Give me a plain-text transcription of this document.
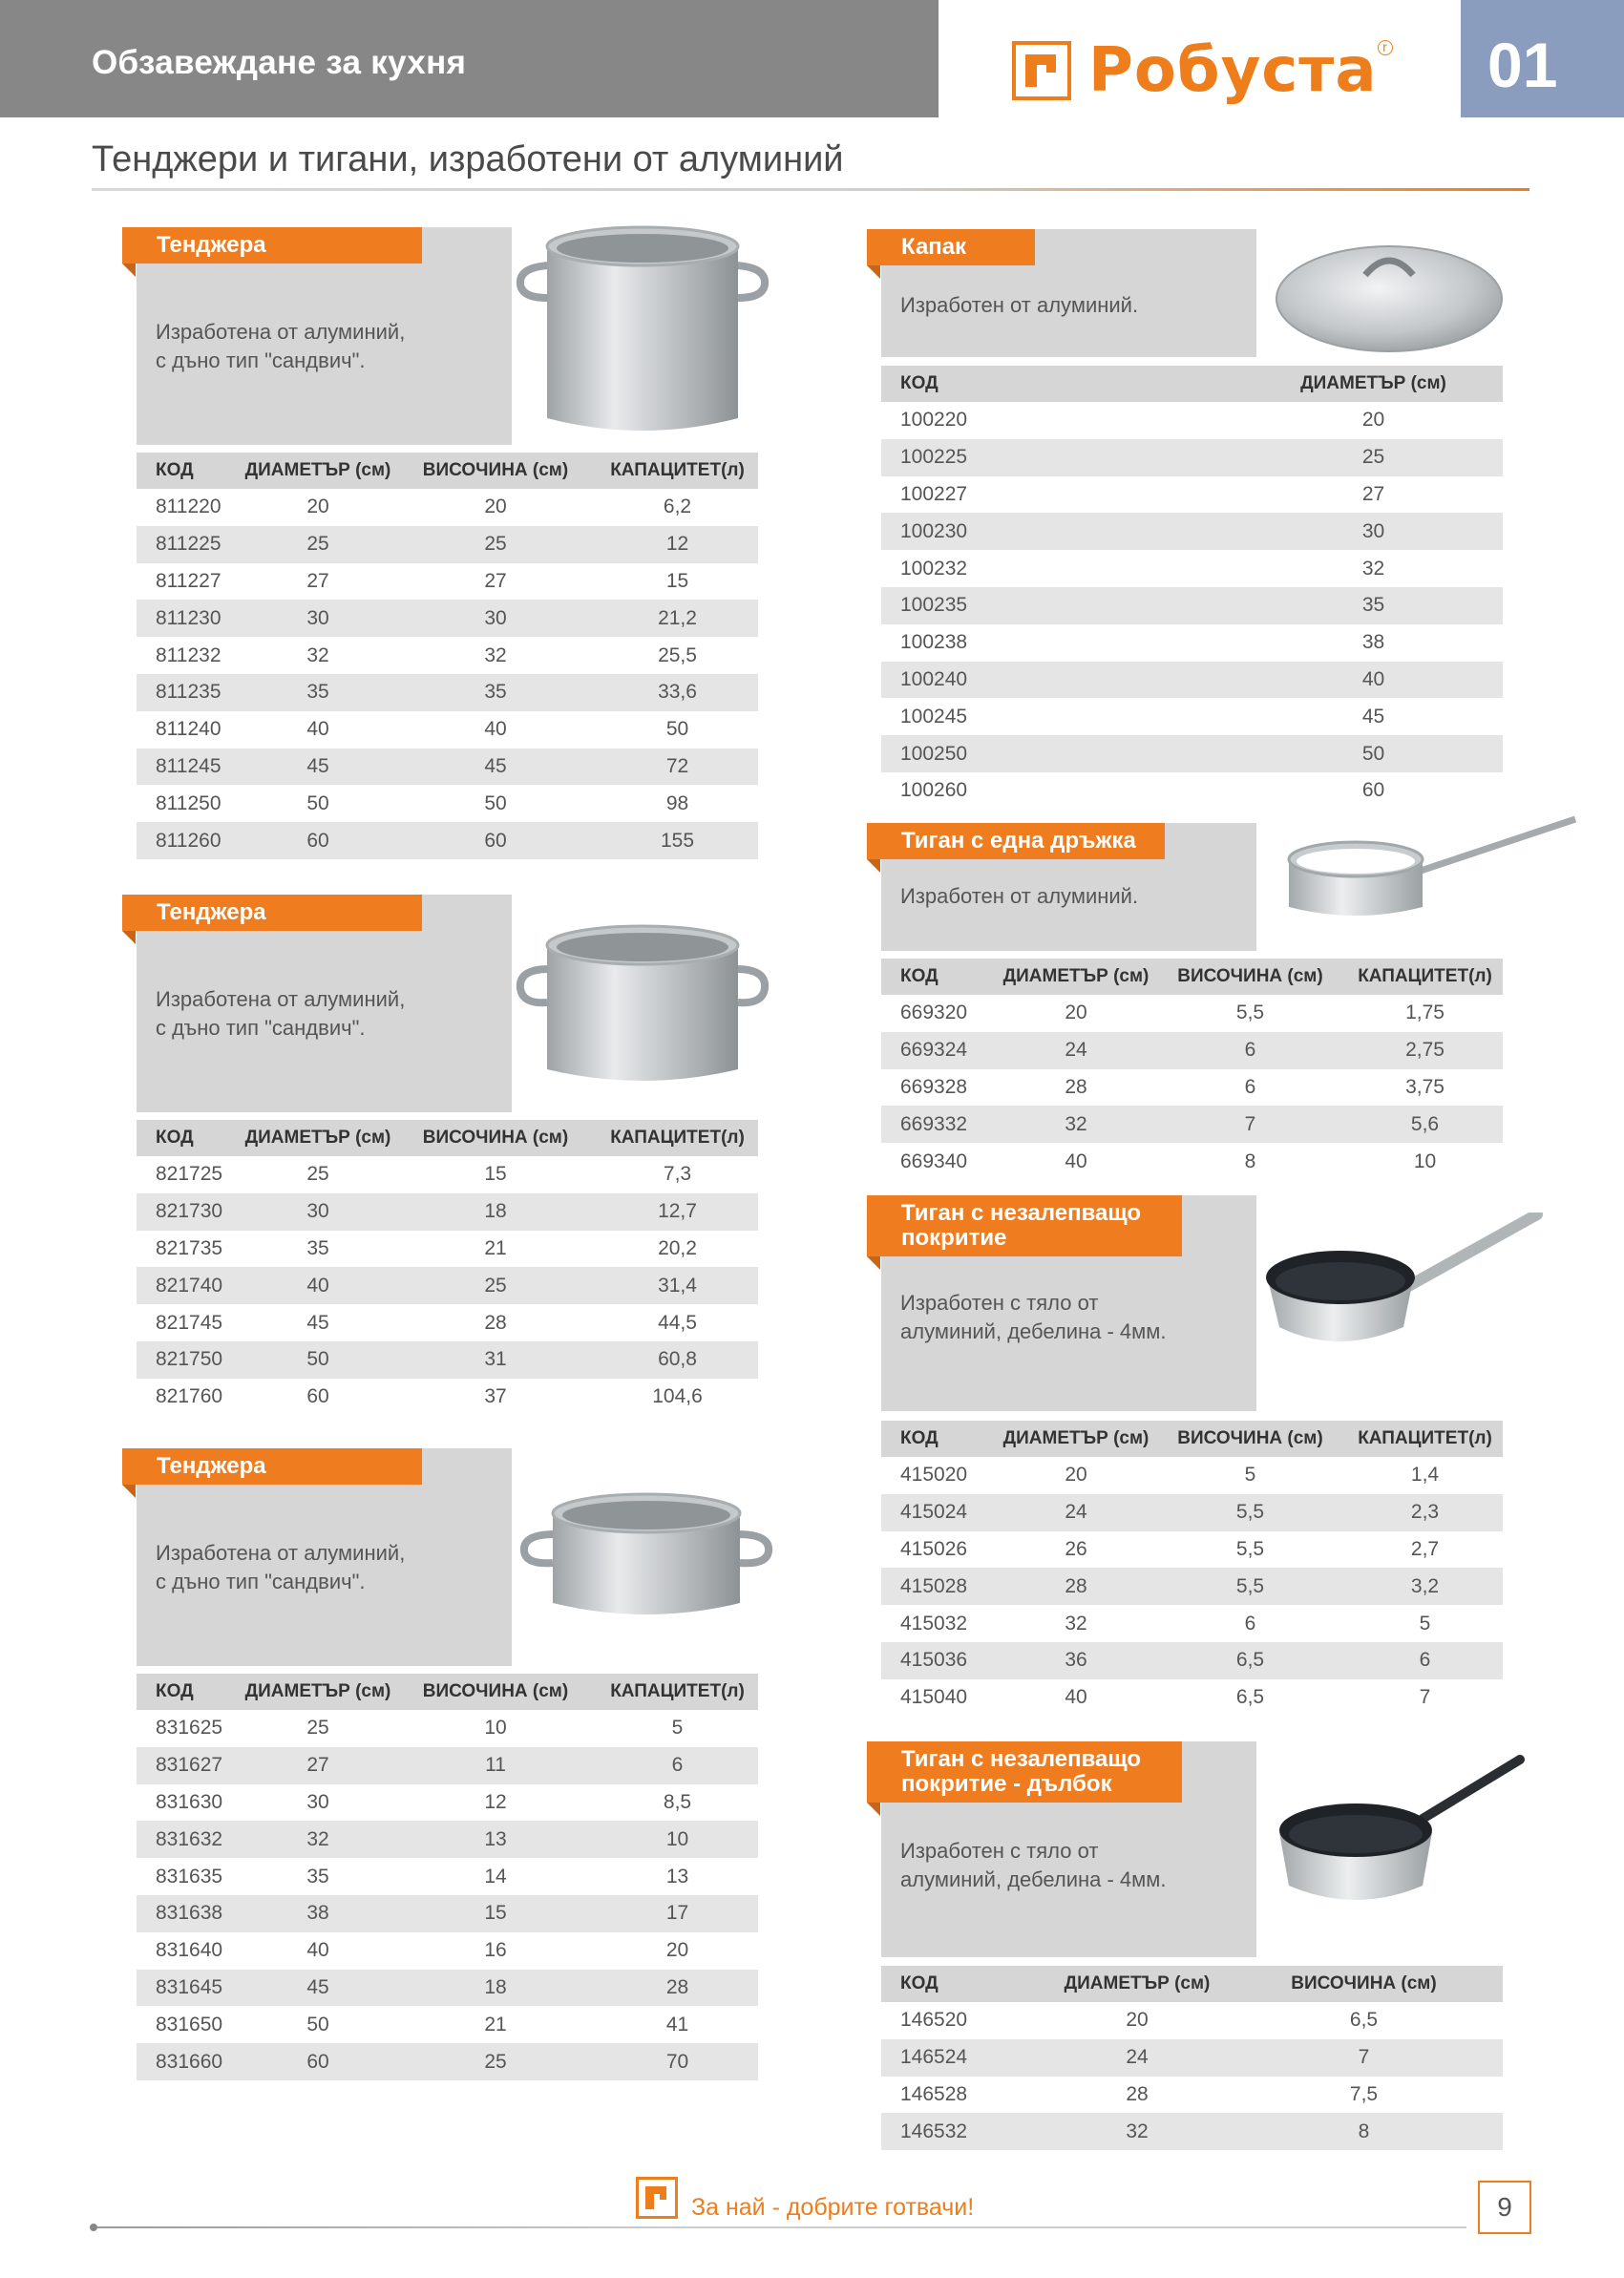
Обзавеждане за кухня	Робуста r 01
Тенджери и тигани, изработени от алуминий
Тенджера
Изработена от алуминий,
с дъно тип "сандвич".
КОД	ДИАМЕТЪР (см)	ВИСОЧИНА (см)	КАПАЦИТЕТ(л)
811220	20	20	6,2
811225	25	25	12
811227	27	27	15
811230	30	30	21,2
811232	32	32	25,5
811235	35	35	33,6
811240	40	40	50
811245	45	45	72
811250	50	50	98
811260	60	60	155
Тенджера
Изработена от алуминий,
с дъно тип "сандвич".
КОД	ДИАМЕТЪР (см)	ВИСОЧИНА (см)	КАПАЦИТЕТ(л)
821725	25	15	7,3
821730	30	18	12,7
821735	35	21	20,2
821740	40	25	31,4
821745	45	28	44,5
821750	50	31	60,8
821760	60	37	104,6
Тенджера
Изработена от алуминий,
с дъно тип "сандвич".
КОД	ДИАМЕТЪР (см)	ВИСОЧИНА (см)	КАПАЦИТЕТ(л)
831625	25	10	5
831627	27	11	6
831630	30	12	8,5
831632	32	13	10
831635	35	14	13
831638	38	15	17
831640	40	16	20
831645	45	18	28
831650	50	21	41
831660	60	25	70
Капак
Изработен от алуминий.
КОД	ДИАМЕТЪР (см)
100220	20
100225	25
100227	27
100230	30
100232	32
100235	35
100238	38
100240	40
100245	45
100250	50
100260	60
Тиган с една дръжка
Изработен от алуминий.
КОД	ДИАМЕТЪР (см)	ВИСОЧИНА (см)	КАПАЦИТЕТ(л)
669320	20	5,5	1,75
669324	24	6	2,75
669328	28	6	3,75
669332	32	7	5,6
669340	40	8	10
Тиган с незалепващо
покритие
Изработен с тяло от
алуминий, дебелина - 4мм.
КОД	ДИАМЕТЪР (см)	ВИСОЧИНА (см)	КАПАЦИТЕТ(л)
415020	20	5	1,4
415024	24	5,5	2,3
415026	26	5,5	2,7
415028	28	5,5	3,2
415032	32	6	5
415036	36	6,5	6
415040	40	6,5	7
Тиган с незалепващо
покритие - дълбок
Изработен с тяло от
алуминий, дебелина - 4мм.
КОД	ДИАМЕТЪР (см)	ВИСОЧИНА (см)
146520	20	6,5
146524	24	7
146528	28	7,5
146532	32	8
За най - добрите готвачи!	9
